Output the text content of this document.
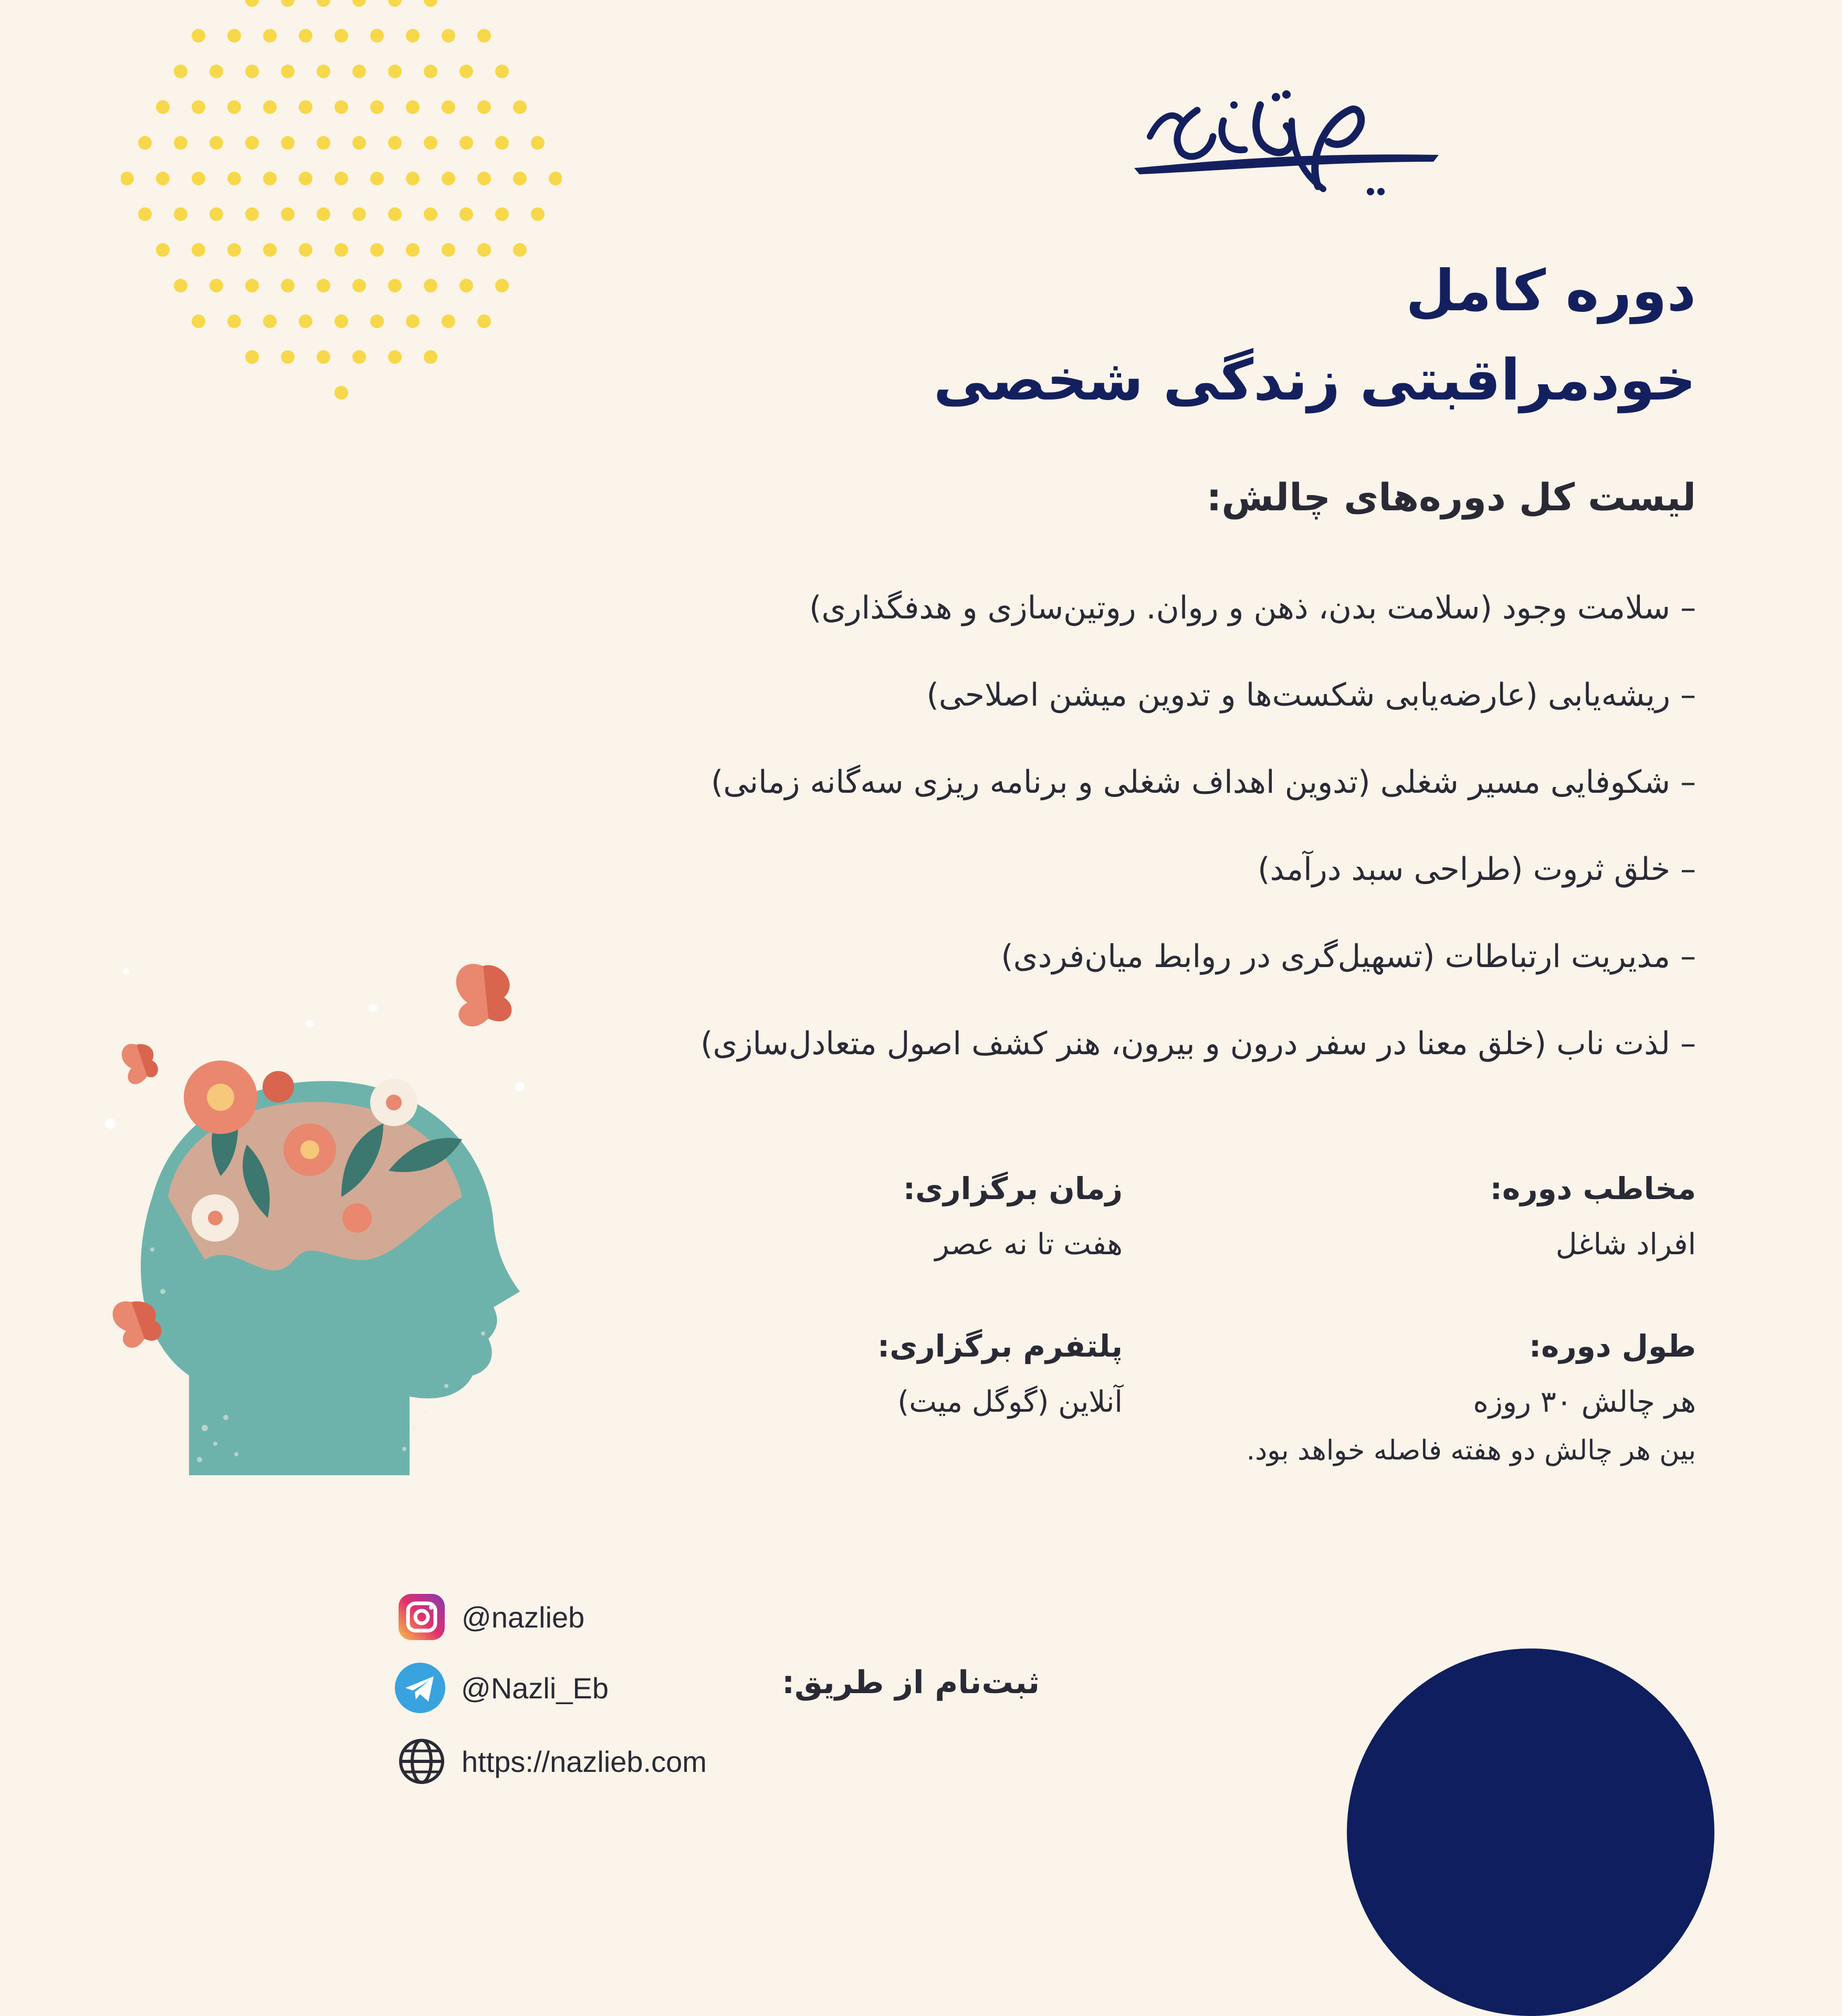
دوره کامل
خودمراقبتی زندگی شخصی
لیست کل دوره‌های چالش:
– سلامت وجود (سلامت بدن، ذهن و روان. روتین‌سازی و هدفگذاری)
– ریشه‌یابی (عارضه‌یابی شکست‌ها و تدوین میشن اصلاحی)
– شکوفایی مسیر شغلی (تدوین اهداف شغلی و برنامه ریزی سه‌گانه زمانی)
– خلق ثروت (طراحی سبد درآمد)
– مدیریت ارتباطات (تسهیل‌گری در روابط میان‌فردی)
– لذت ناب (خلق معنا در سفر درون و بیرون، هنر کشف اصول متعادل‌سازی)
مخاطب دوره:
افراد شاغل
زمان برگزاری:
هفت تا نه عصر
طول دوره:
هر چالش ۳۰ روزه
بین هر چالش دو هفته فاصله خواهد بود.
پلتفرم برگزاری:
آنلاین (گوگل میت)
ثبت‌نام از طریق:
@nazlieb
@Nazli_Eb
https://nazlieb.com
